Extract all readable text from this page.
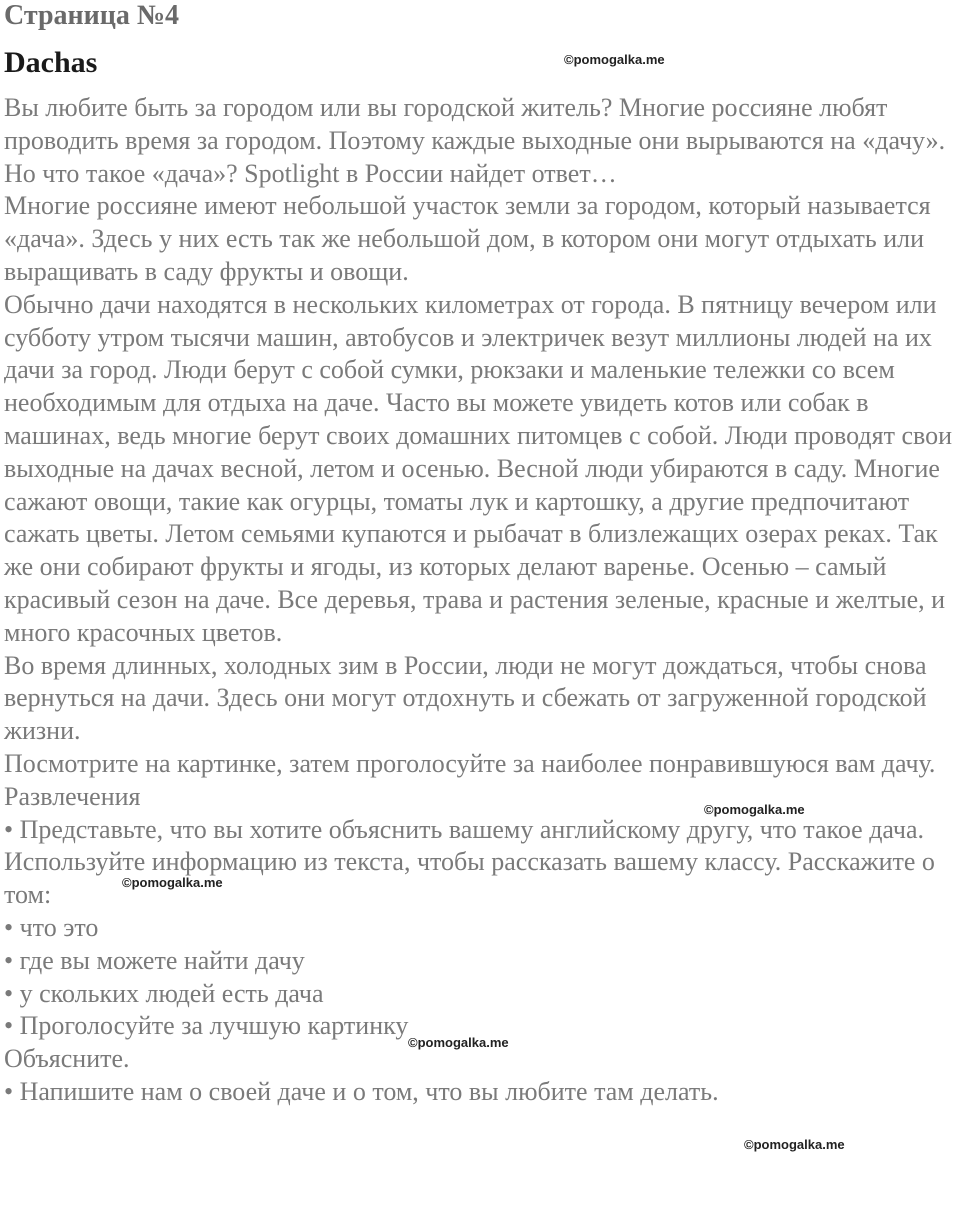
Страница №4
Dachas

Вы любите быть за городом или вы городской житель? Многие россияне любят проводить время за городом. Поэтому каждые выходные они вырываются на «дачу».

Но что такое «дача»? Spotlight в России найдет ответ…

Многие россияне имеют небольшой участок земли за городом, который называется «дача». Здесь у них есть так же небольшой дом, в котором они могут отдыхать или выращивать в саду фрукты и овощи.

Обычно дачи находятся в нескольких километрах от города. В пятницу вечером или субботу утром тысячи машин, автобусов и электричек везут миллионы людей на их дачи за город. Люди берут с собой сумки, рюкзаки и маленькие тележки со всем необходимым для отдыха на даче. Часто вы можете увидеть котов или собак в машинах, ведь многие берут своих домашних питомцев с собой. Люди проводят свои выходные на дачах весной, летом и осенью. Весной люди убираются в саду. Многие сажают овощи, такие как огурцы, томаты лук и картошку, а другие предпочитают сажать цветы. Летом семьями купаются и рыбачат в близлежащих озерах реках. Так же они собирают фрукты и ягоды, из которых делают варенье. Осенью – самый красивый сезон на даче. Все деревья, трава и растения зеленые, красные и желтые, и много красочных цветов.

Во время длинных, холодных зим в России, люди не могут дождаться, чтобы снова вернуться на дачи. Здесь они могут отдохнуть и сбежать от загруженной городской жизни.

Посмотрите на картинке, затем проголосуйте за наиболее понравившуюся вам дачу.

Развлечения

• Представьте, что вы хотите объяснить вашему английскому другу, что такое дача. Используйте информацию из текста, чтобы рассказать вашему классу. Расскажите о том:

• что это

• где вы можете найти дачу

• у скольких людей есть дача

• Проголосуйте за лучшую картинку

Объясните.

• Напишите нам о своей даче и о том, что вы любите там делать.

©pomogalka.me
©pomogalka.me
©pomogalka.me
©pomogalka.me
©pomogalka.me
